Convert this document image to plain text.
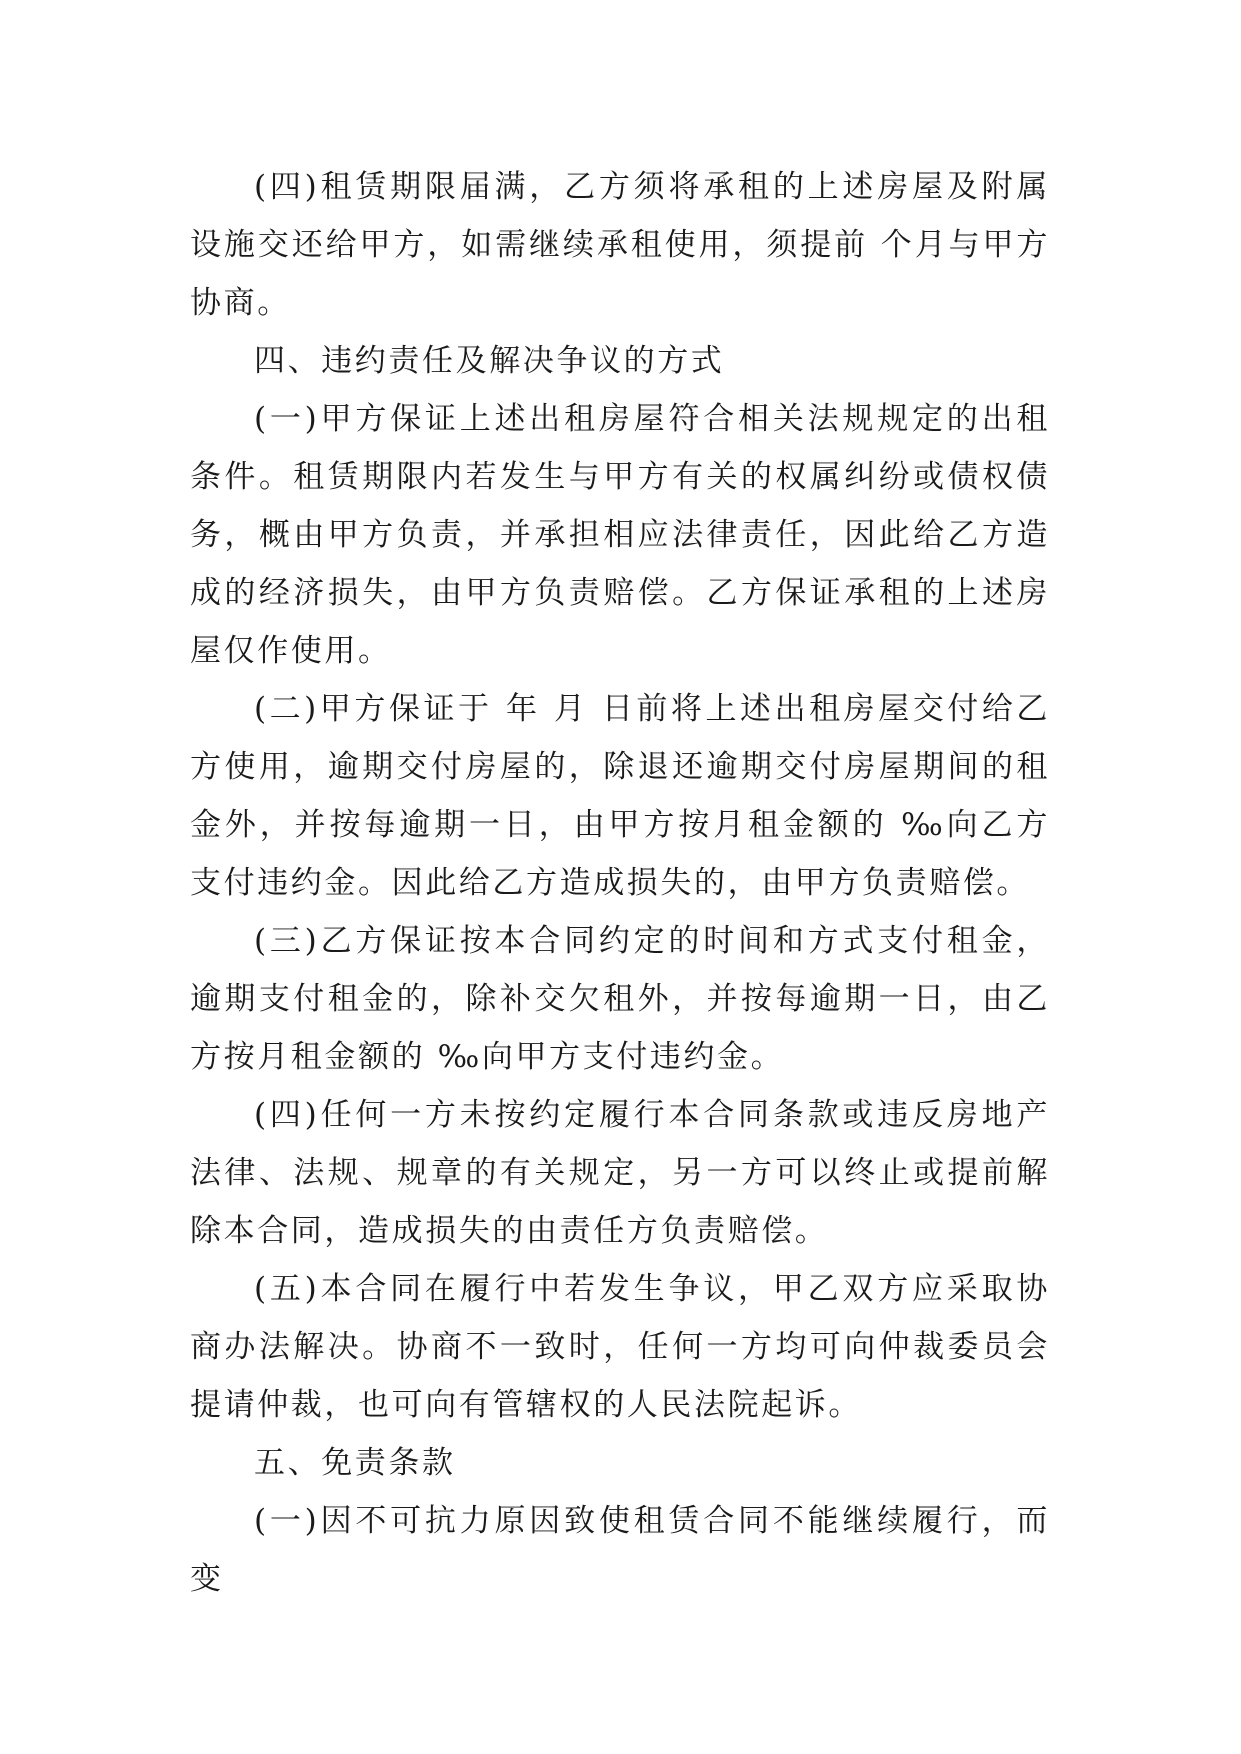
(四)租赁期限届满，乙方须将承租的上述房屋及附属设施交还给甲方，如需继续承租使用，须提前 个月与甲方协商。

四、违约责任及解决争议的方式

(一)甲方保证上述出租房屋符合相关法规规定的出租条件。租赁期限内若发生与甲方有关的权属纠纷或债权债务，概由甲方负责，并承担相应法律责任，因此给乙方造成的经济损失，由甲方负责赔偿。乙方保证承租的上述房屋仅作使用。

(二)甲方保证于 年 月 日前将上述出租房屋交付给乙方使用，逾期交付房屋的，除退还逾期交付房屋期间的租金外，并按每逾期一日，由甲方按月租金额的 ‰向乙方支付违约金。因此给乙方造成损失的，由甲方负责赔偿。

(三)乙方保证按本合同约定的时间和方式支付租金，逾期支付租金的，除补交欠租外，并按每逾期一日，由乙方按月租金额的 ‰向甲方支付违约金。

(四)任何一方未按约定履行本合同条款或违反房地产法律、法规、规章的有关规定，另一方可以终止或提前解除本合同，造成损失的由责任方负责赔偿。

(五)本合同在履行中若发生争议，甲乙双方应采取协商办法解决。协商不一致时，任何一方均可向仲裁委员会提请仲裁，也可向有管辖权的人民法院起诉。

五、免责条款

(一)因不可抗力原因致使租赁合同不能继续履行，而变
